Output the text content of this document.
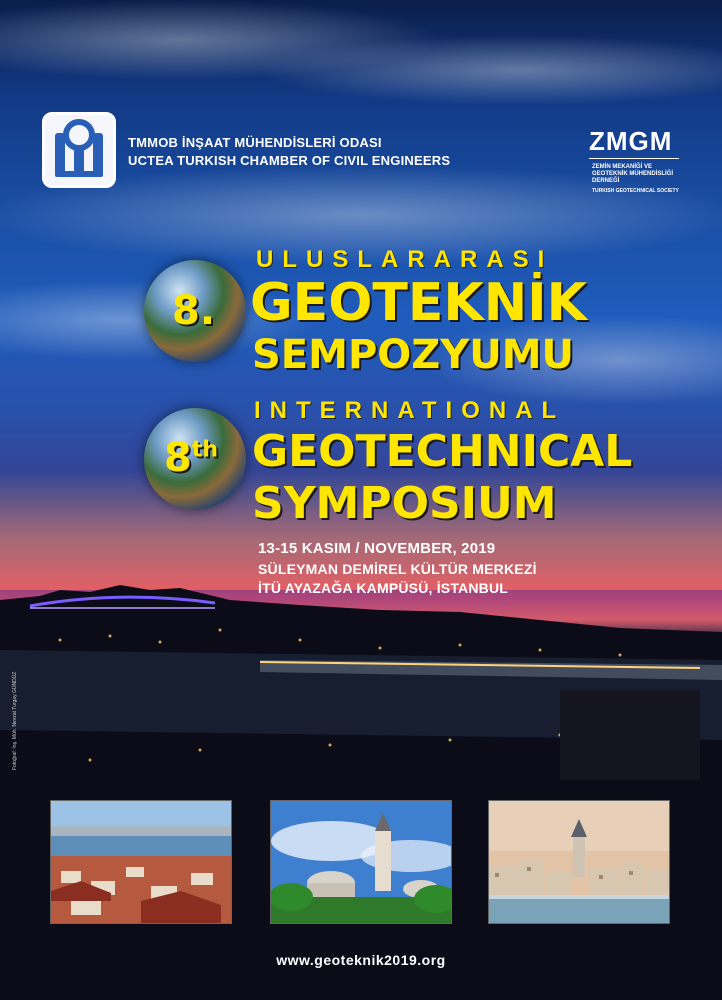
TMMOB İNŞAAT MÜHENDİSLERİ ODASI
UCTEA TURKISH CHAMBER OF CIVIL ENGINEERS
ZMGM
ZEMİN MEKANİĞİ VE
GEOTEKNİK MÜHENDİSLİĞİ
DERNEĞİ
TURKISH GEOTECHNICAL SOCIETY
ULUSLARARASI
8. GEOTEKNİK
SEMPOZYUMU
INTERNATIONAL
8th GEOTECHNICAL
SYMPOSIUM
13-15 KASIM / NOVEMBER, 2019
SÜLEYMAN DEMİREL KÜLTÜR MERKEZİ
İTÜ AYAZAĞA KAMPÜSÜ, İSTANBUL
Fotoğraf: İnş. Müh. Nevzat Turgay GÜNDÜZ
www.geoteknik2019.org
